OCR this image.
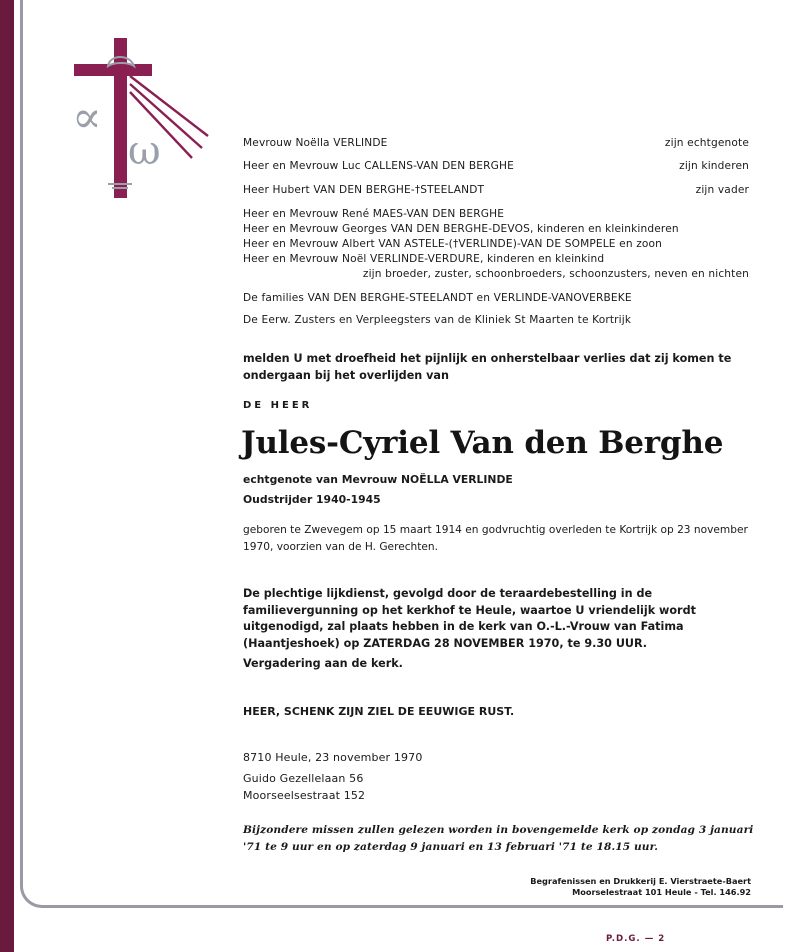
∝
ω	Mevrouw Noëlla VERLINDE	zijn echtgenote
Heer en Mevrouw Luc CALLENS-VAN DEN BERGHE	zijn kinderen
Heer Hubert VAN DEN BERGHE-†STEELANDT	zijn vader
Heer en Mevrouw René MAES-VAN DEN BERGHE
Heer en Mevrouw Georges VAN DEN BERGHE-DEVOS, kinderen en kleinkinderen
Heer en Mevrouw Albert VAN ASTELE-(†VERLINDE)-VAN DE SOMPELE en zoon
Heer en Mevrouw Noël VERLINDE-VERDURE, kinderen en kleinkind
zijn broeder, zuster, schoonbroeders, schoonzusters, neven en nichten
De families VAN DEN BERGHE-STEELANDT en VERLINDE-VANOVERBEKE
De Eerw. Zusters en Verpleegsters van de Kliniek St Maarten te Kortrijk
melden U met droefheid het pijnlijk en onherstelbaar verlies dat zij komen te ondergaan bij het overlijden van
DE HEER
Jules-Cyriel Van den Berghe
echtgenote van Mevrouw NOËLLA VERLINDE
Oudstrijder 1940-1945
geboren te Zwevegem op 15 maart 1914 en godvruchtig overleden te Kortrijk op 23 november 1970, voorzien van de H. Gerechten.
De plechtige lijkdienst, gevolgd door de teraardebestelling in de familievergunning op het kerkhof te Heule, waartoe U vriendelijk wordt uitgenodigd, zal plaats hebben in de kerk van O.-L.-Vrouw van Fatima (Haantjeshoek) op ZATERDAG 28 NOVEMBER 1970, te 9.30 UUR.
Vergadering aan de kerk.
HEER, SCHENK ZIJN ZIEL DE EEUWIGE RUST.
8710 Heule, 23 november 1970
Guido Gezellelaan 56
Moorseelsestraat 152
Bijzondere missen zullen gelezen worden in bovengemelde kerk op zondag 3 januari '71 te 9 uur en op zaterdag 9 januari en 13 februari '71 te 18.15 uur.
Begrafenissen en Drukkerij E. Vierstraete-Baert
Moorselestraat 101 Heule - Tel. 146.92
P.D.G. — 2
